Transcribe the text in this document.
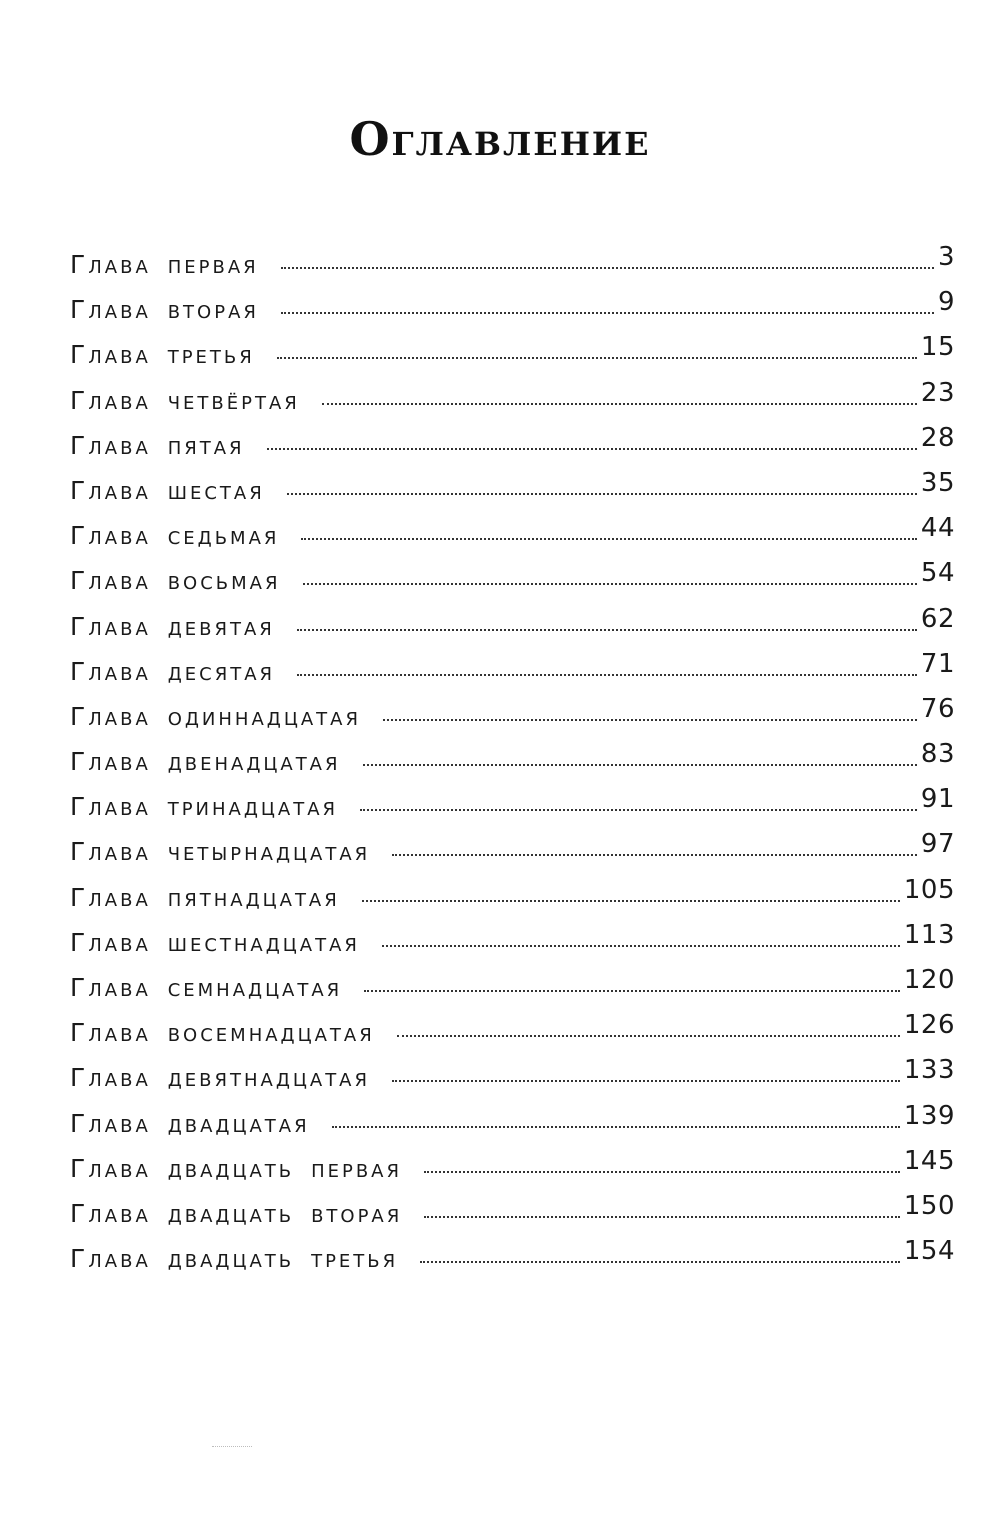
Оглавление
Глава первая	3
Глава вторая	9
Глава третья	15
Глава четвёртая	23
Глава пятая	28
Глава шестая	35
Глава седьмая	44
Глава восьмая	54
Глава девятая	62
Глава десятая	71
Глава одиннадцатая	76
Глава двенадцатая	83
Глава тринадцатая	91
Глава четырнадцатая	97
Глава пятнадцатая	105
Глава шестнадцатая	113
Глава семнадцатая	120
Глава восемнадцатая	126
Глава девятнадцатая	133
Глава двадцатая	139
Глава двадцать первая	145
Глава двадцать вторая	150
Глава двадцать третья	154
